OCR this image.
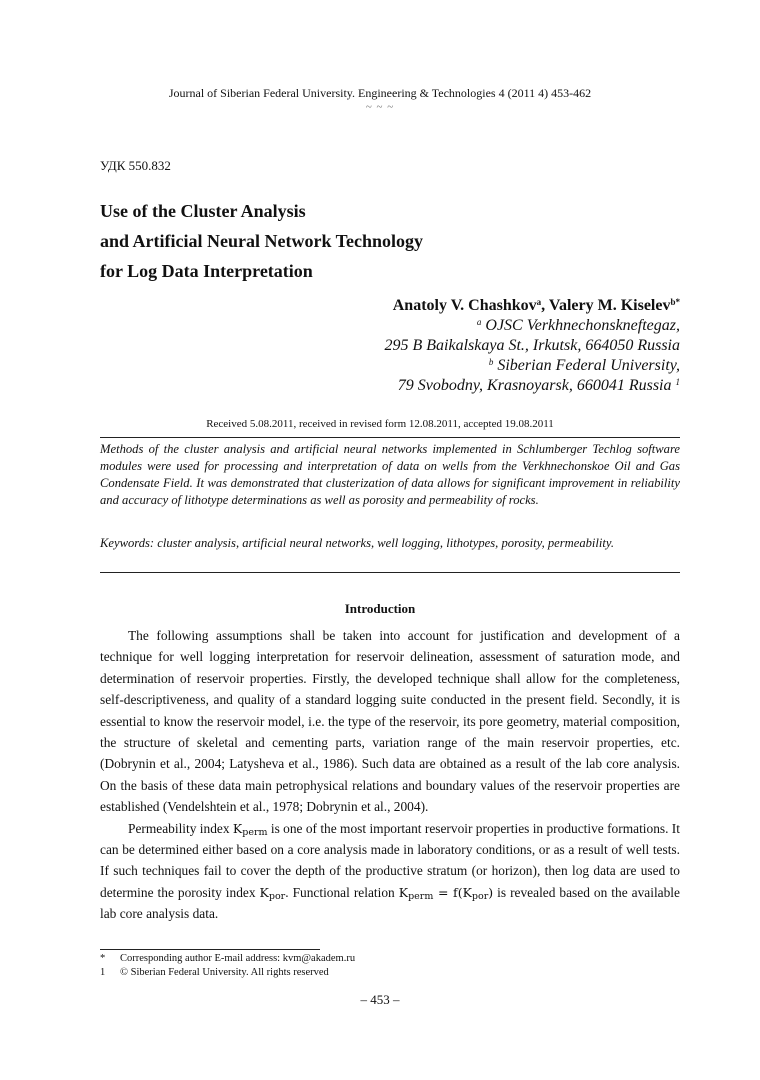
Journal of Siberian Federal University. Engineering & Technologies 4 (2011 4) 453-462
~ ~ ~
УДК 550.832
Use of the Cluster Analysis
and Artificial Neural Network Technology
for Log Data Interpretation
Anatoly V. Chashkov$^a$, Valery M. Kiselev$^{b*}$
$^a$ OJSC Verkhnechonskneftegaz,
295 B Baikalskaya St., Irkutsk, 664050 Russia
$^b$ Siberian Federal University,
79 Svobodny, Krasnoyarsk, 660041 Russia $^1$
Received 5.08.2011, received in revised form 12.08.2011, accepted 19.08.2011
Methods of the cluster analysis and artificial neural networks implemented in Schlumberger Techlog software modules were used for processing and interpretation of data on wells from the Verkhnechonskoe Oil and Gas Condensate Field. It was demonstrated that clusterization of data allows for significant improvement in reliability and accuracy of lithotype determinations as well as porosity and permeability of rocks.
Keywords: cluster analysis, artificial neural networks, well logging, lithotypes, porosity, permeability.
Introduction

The following assumptions shall be taken into account for justification and development of a technique for well logging interpretation for reservoir delineation, assessment of saturation mode, and determination of reservoir properties. Firstly, the developed technique shall allow for the completeness, self-descriptiveness, and quality of a standard logging suite conducted in the present field. Secondly, it is essential to know the reservoir model, i.e. the type of the reservoir, its pore geometry, material composition, the structure of skeletal and cementing parts, variation range of the main reservoir properties, etc. (Dobrynin et al., 2004; Latysheva et al., 1986). Such data are obtained as a result of the lab core analysis. On the basis of these data main petrophysical relations and boundary values of the reservoir properties are established (Vendelshtein et al., 1978; Dobrynin et al., 2004).

Permeability index $K_{perm}$ is one of the most important reservoir properties in productive formations. It can be determined either based on a core analysis made in laboratory conditions, or as a result of well tests. If such techniques fail to cover the depth of the productive stratum (or horizon), then log data are used to determine the porosity index $K_{por}$. Functional relation $K_{perm} = f(K_{por})$ is revealed based on the available lab core analysis data.

*	Corresponding author E-mail address: kvm@akadem.ru
1	© Siberian Federal University. All rights reserved
– 453 –
